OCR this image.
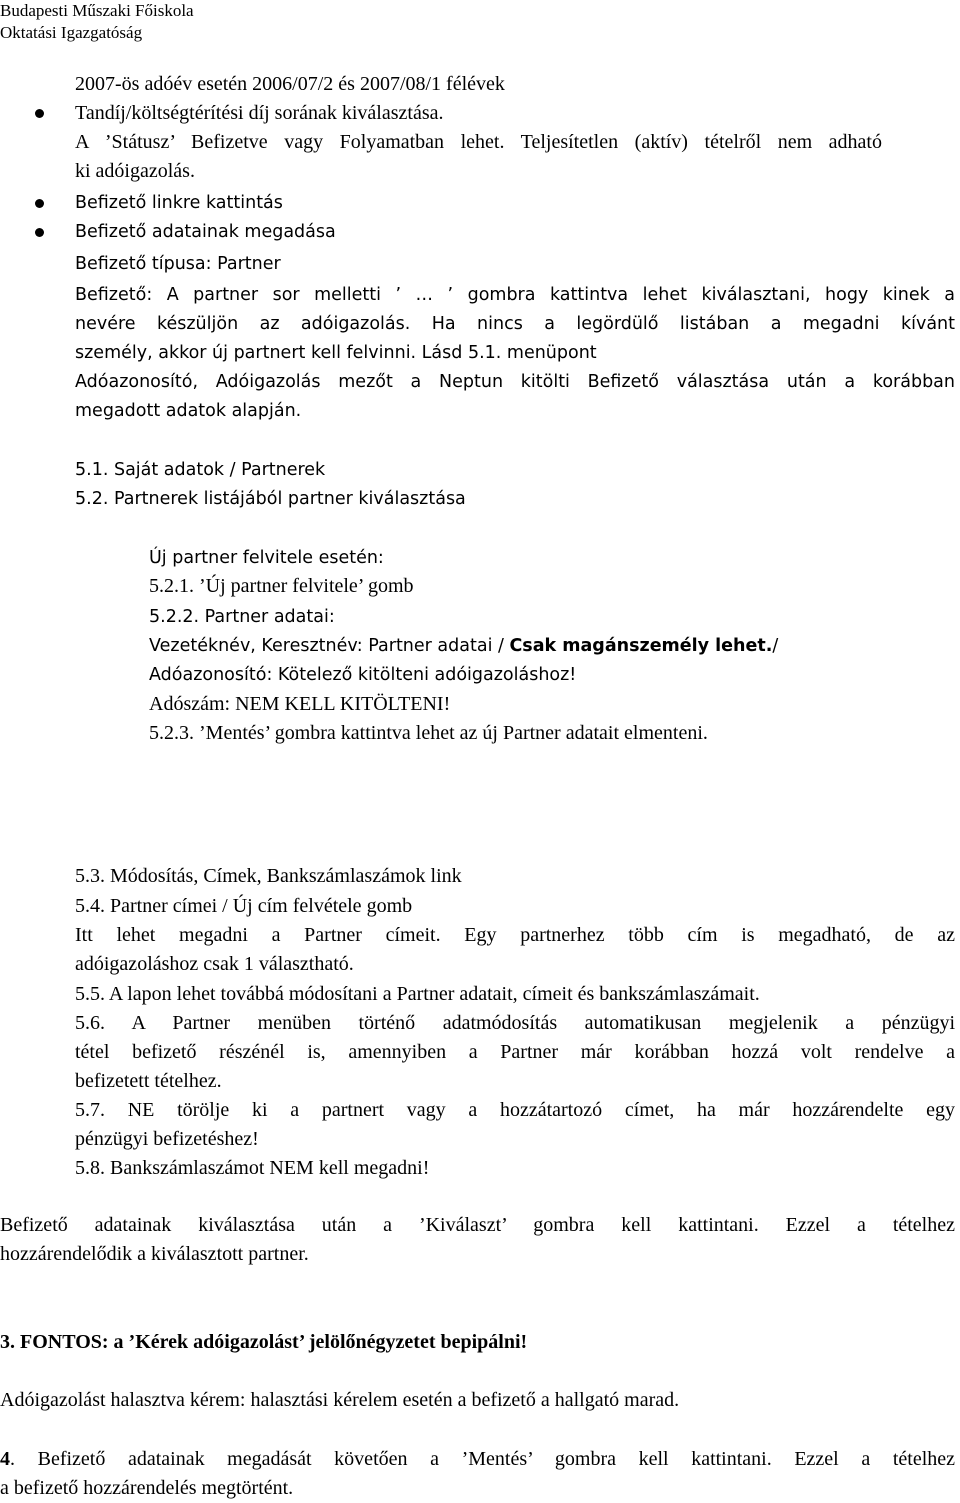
Budapesti Műszaki Főiskola
Oktatási Igazgatóság
2007-ös adóév esetén 2006/07/2 és 2007/08/1 félévek
Tandíj/költségtérítési díj sorának kiválasztása.
A ’Státusz’ Befizetve vagy Folyamatban lehet. Teljesítetlen (aktív) tételről nem adható
ki adóigazolás.
Befizető linkre kattintás
Befizető adatainak megadása
Befizető típusa: Partner
Befizető: A partner sor melletti ’ … ’ gombra kattintva lehet kiválasztani, hogy kinek a
nevére készüljön az adóigazolás. Ha nincs a legördülő listában a megadni kívánt
személy, akkor új partnert kell felvinni. Lásd 5.1. menüpont
Adóazonosító, Adóigazolás mezőt a Neptun kitölti Befizető választása után a korábban
megadott adatok alapján.
5.1. Saját adatok / Partnerek
5.2. Partnerek listájából partner kiválasztása
Új partner felvitele esetén:
5.2.1. ’Új partner felvitele’ gomb
5.2.2. Partner adatai:
Vezetéknév, Keresztnév: Partner adatai / Csak magánszemély lehet./
Adóazonosító: Kötelező kitölteni adóigazoláshoz!
Adószám: NEM KELL KITÖLTENI!
5.2.3. ’Mentés’ gombra kattintva lehet az új Partner adatait elmenteni.
5.3. Módosítás, Címek, Bankszámlaszámok link
5.4. Partner címei / Új cím felvétele gomb
Itt lehet megadni a Partner címeit. Egy partnerhez több cím is megadható, de az
adóigazoláshoz csak 1 választható.
5.5. A lapon lehet továbbá módosítani a Partner adatait, címeit és bankszámlaszámait.
5.6. A Partner menüben történő adatmódosítás automatikusan megjelenik a pénzügyi
tétel befizető részénél is, amennyiben a Partner már korábban hozzá volt rendelve a
befizetett tételhez.
5.7. NE törölje ki a partnert vagy a hozzátartozó címet, ha már hozzárendelte egy
pénzügyi befizetéshez!
5.8. Bankszámlaszámot NEM kell megadni!
Befizető adatainak kiválasztása után a ’Kiválaszt’ gombra kell kattintani. Ezzel a tételhez
hozzárendelődik a kiválasztott partner.
3. FONTOS: a ’Kérek adóigazolást’ jelölőnégyzetet bepipálni!
Adóigazolást halasztva kérem: halasztási kérelem esetén a befizető a hallgató marad.
4. Befizető adatainak megadását követően a ’Mentés’ gombra kell kattintani. Ezzel a tételhez
a befizető hozzárendelés megtörtént.
